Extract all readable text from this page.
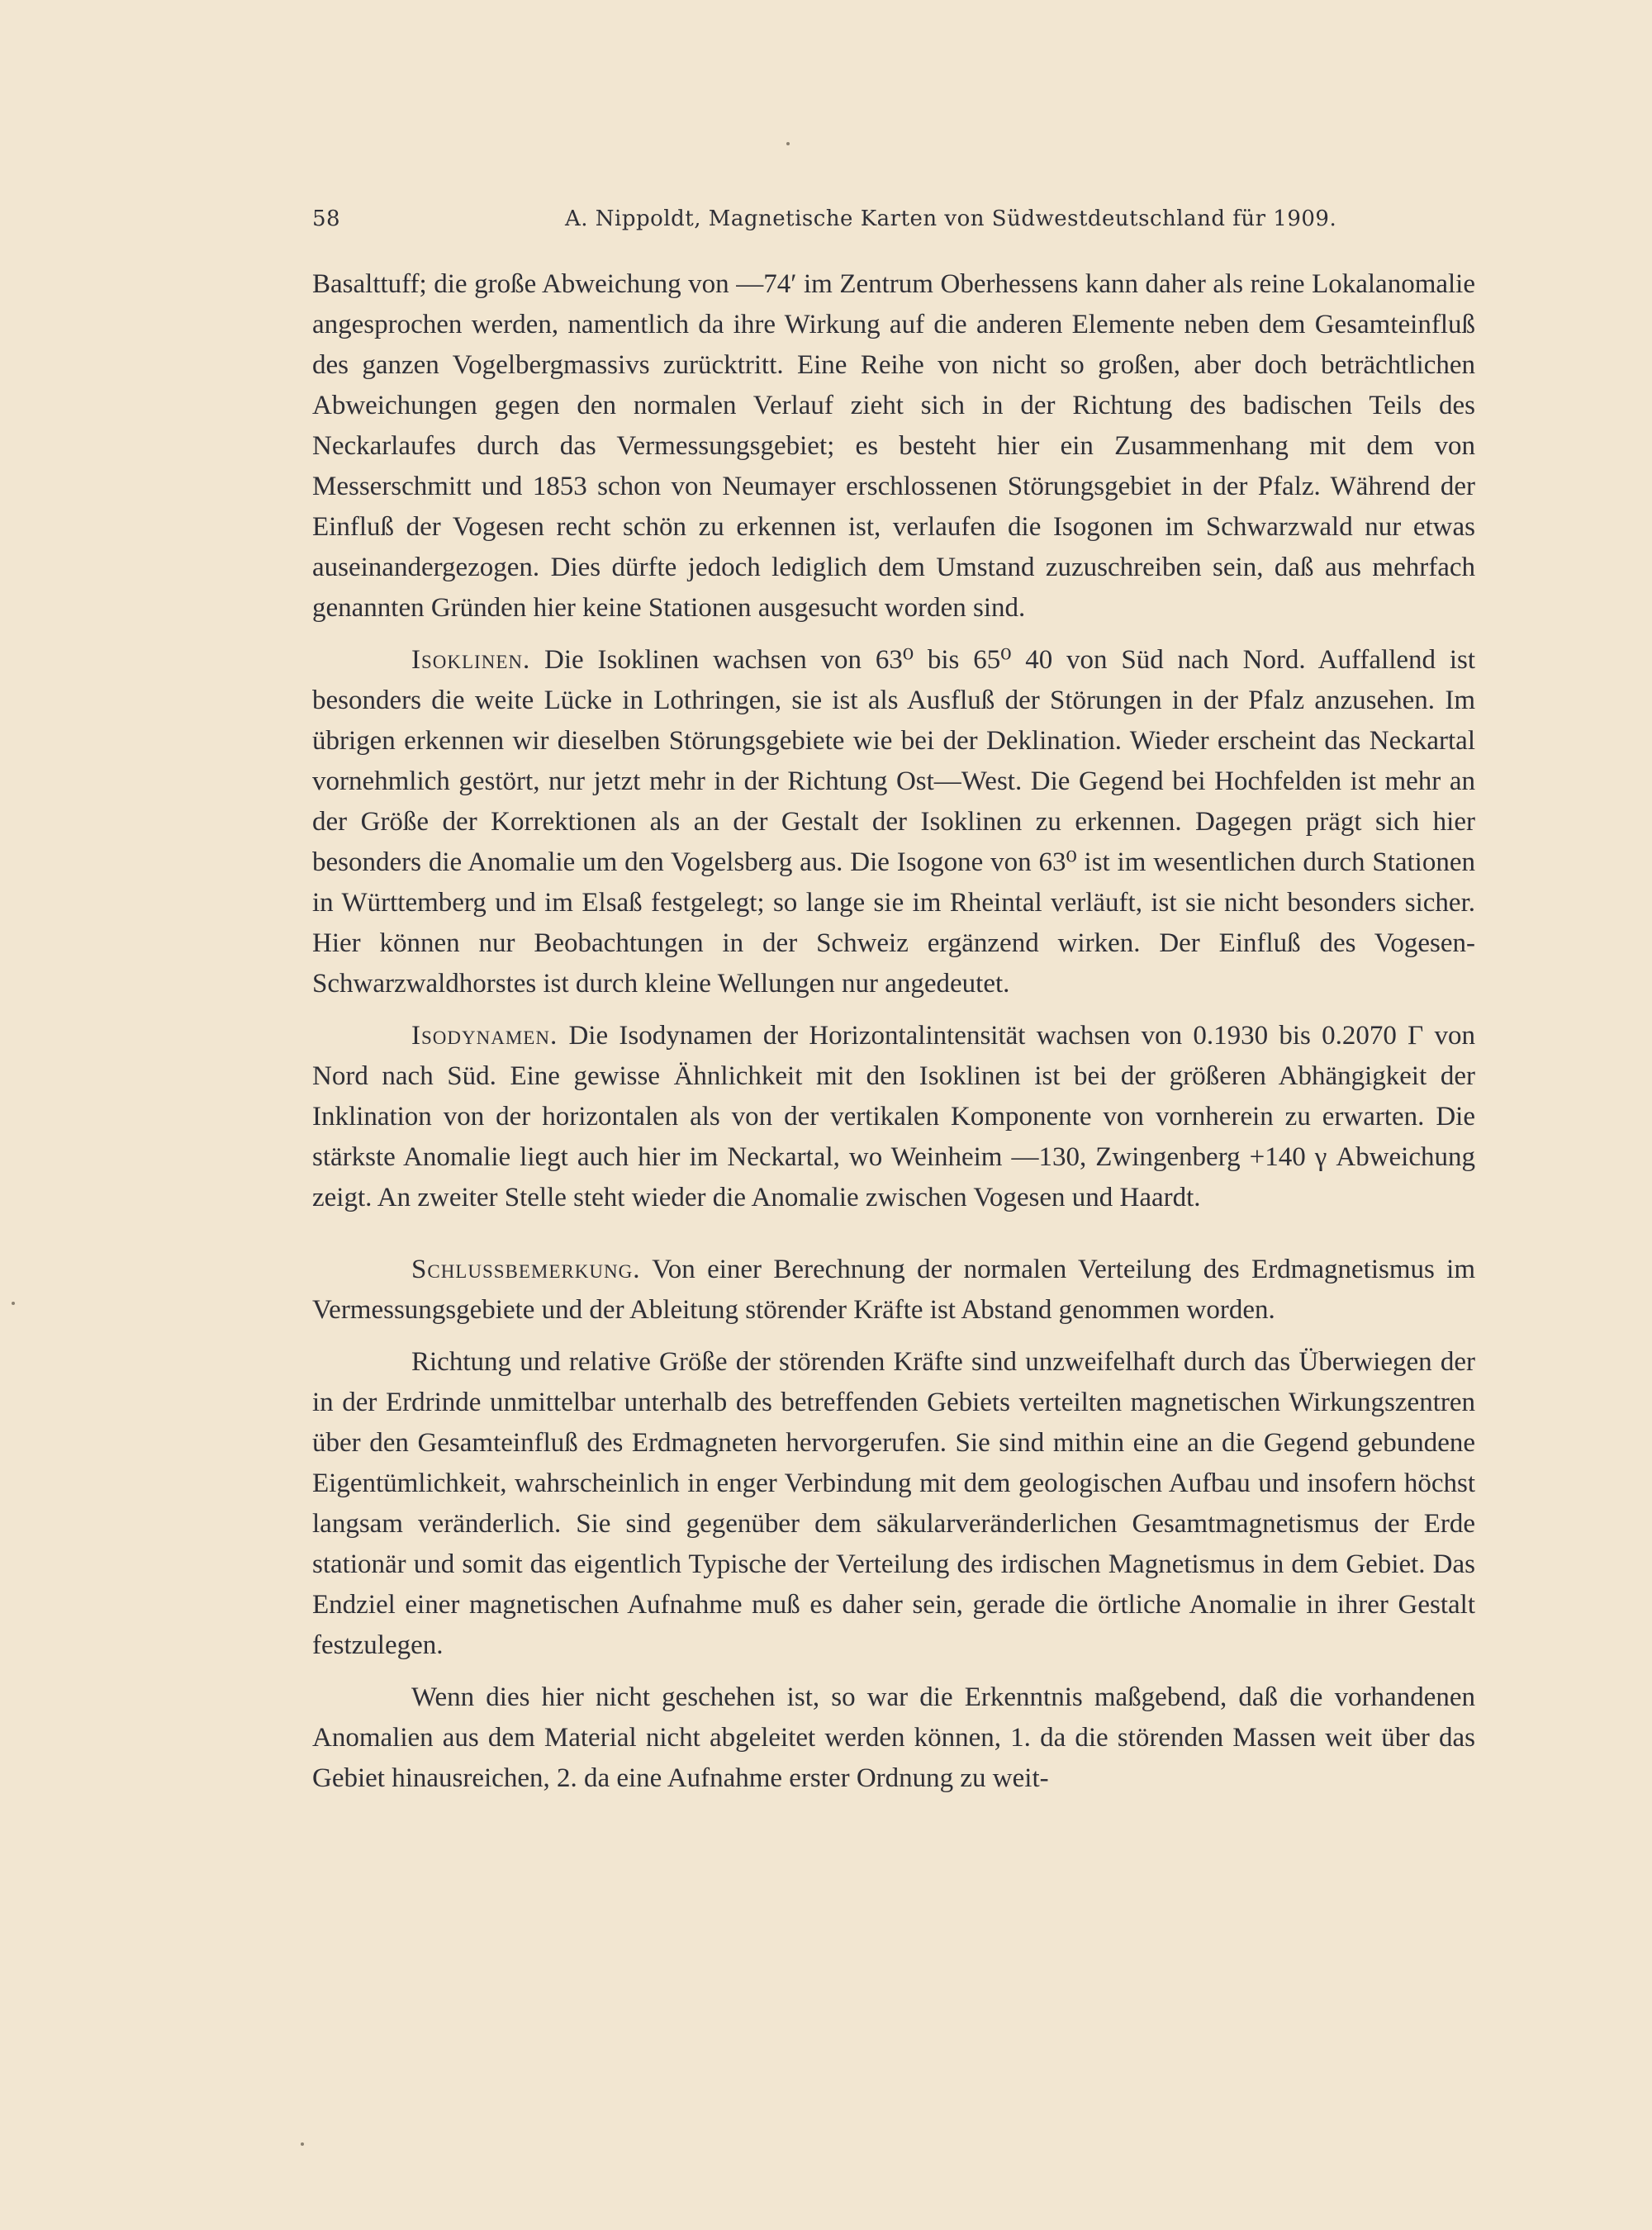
58	A. Nippoldt, Magnetische Karten von Südwestdeutschland für 1909.

Basalttuff; die große Abweichung von —74′ im Zentrum Oberhessens kann daher als reine Lokalanomalie angesprochen werden, namentlich da ihre Wirkung auf die anderen Elemente neben dem Gesamteinfluß des ganzen Vogelbergmassivs zurücktritt. Eine Reihe von nicht so großen, aber doch beträchtlichen Abweichungen gegen den normalen Verlauf zieht sich in der Richtung des badischen Teils des Neckarlaufes durch das Vermessungsgebiet; es besteht hier ein Zusammenhang mit dem von Messerschmitt und 1853 schon von Neumayer erschlossenen Störungsgebiet in der Pfalz. Während der Einfluß der Vogesen recht schön zu erkennen ist, verlaufen die Isogonen im Schwarzwald nur etwas auseinandergezogen. Dies dürfte jedoch lediglich dem Umstand zuzuschreiben sein, daß aus mehrfach genannten Gründen hier keine Stationen ausgesucht worden sind.

Isoklinen. Die Isoklinen wachsen von 63⁰ bis 65⁰ 40 von Süd nach Nord. Auffallend ist besonders die weite Lücke in Lothringen, sie ist als Ausfluß der Störungen in der Pfalz anzusehen. Im übrigen erkennen wir dieselben Störungsgebiete wie bei der Deklination. Wieder erscheint das Neckartal vornehmlich gestört, nur jetzt mehr in der Richtung Ost—West. Die Gegend bei Hochfelden ist mehr an der Größe der Korrektionen als an der Gestalt der Isoklinen zu erkennen. Dagegen prägt sich hier besonders die Anomalie um den Vogelsberg aus. Die Isogone von 63⁰ ist im wesentlichen durch Stationen in Württemberg und im Elsaß festgelegt; so lange sie im Rheintal verläuft, ist sie nicht besonders sicher. Hier können nur Beobachtungen in der Schweiz ergänzend wirken. Der Einfluß des Vogesen-Schwarzwaldhorstes ist durch kleine Wellungen nur angedeutet.

Isodynamen. Die Isodynamen der Horizontalintensität wachsen von 0.1930 bis 0.2070 Γ von Nord nach Süd. Eine gewisse Ähnlichkeit mit den Isoklinen ist bei der größeren Abhängigkeit der Inklination von der horizontalen als von der vertikalen Komponente von vornherein zu erwarten. Die stärkste Anomalie liegt auch hier im Neckartal, wo Weinheim —130, Zwingenberg +140 γ Abweichung zeigt. An zweiter Stelle steht wieder die Anomalie zwischen Vogesen und Haardt.

Schlussbemerkung. Von einer Berechnung der normalen Verteilung des Erdmagnetismus im Vermessungsgebiete und der Ableitung störender Kräfte ist Abstand genommen worden.

Richtung und relative Größe der störenden Kräfte sind unzweifelhaft durch das Überwiegen der in der Erdrinde unmittelbar unterhalb des betreffenden Gebiets verteilten magnetischen Wirkungszentren über den Gesamteinfluß des Erdmagneten hervorgerufen. Sie sind mithin eine an die Gegend gebundene Eigentümlichkeit, wahrscheinlich in enger Verbindung mit dem geologischen Aufbau und insofern höchst langsam veränderlich. Sie sind gegenüber dem säkularveränderlichen Gesamtmagnetismus der Erde stationär und somit das eigentlich Typische der Verteilung des irdischen Magnetismus in dem Gebiet. Das Endziel einer magnetischen Aufnahme muß es daher sein, gerade die örtliche Anomalie in ihrer Gestalt festzulegen.

Wenn dies hier nicht geschehen ist, so war die Erkenntnis maßgebend, daß die vorhandenen Anomalien aus dem Material nicht abgeleitet werden können, 1. da die störenden Massen weit über das Gebiet hinausreichen, 2. da eine Aufnahme erster Ordnung zu weit-
